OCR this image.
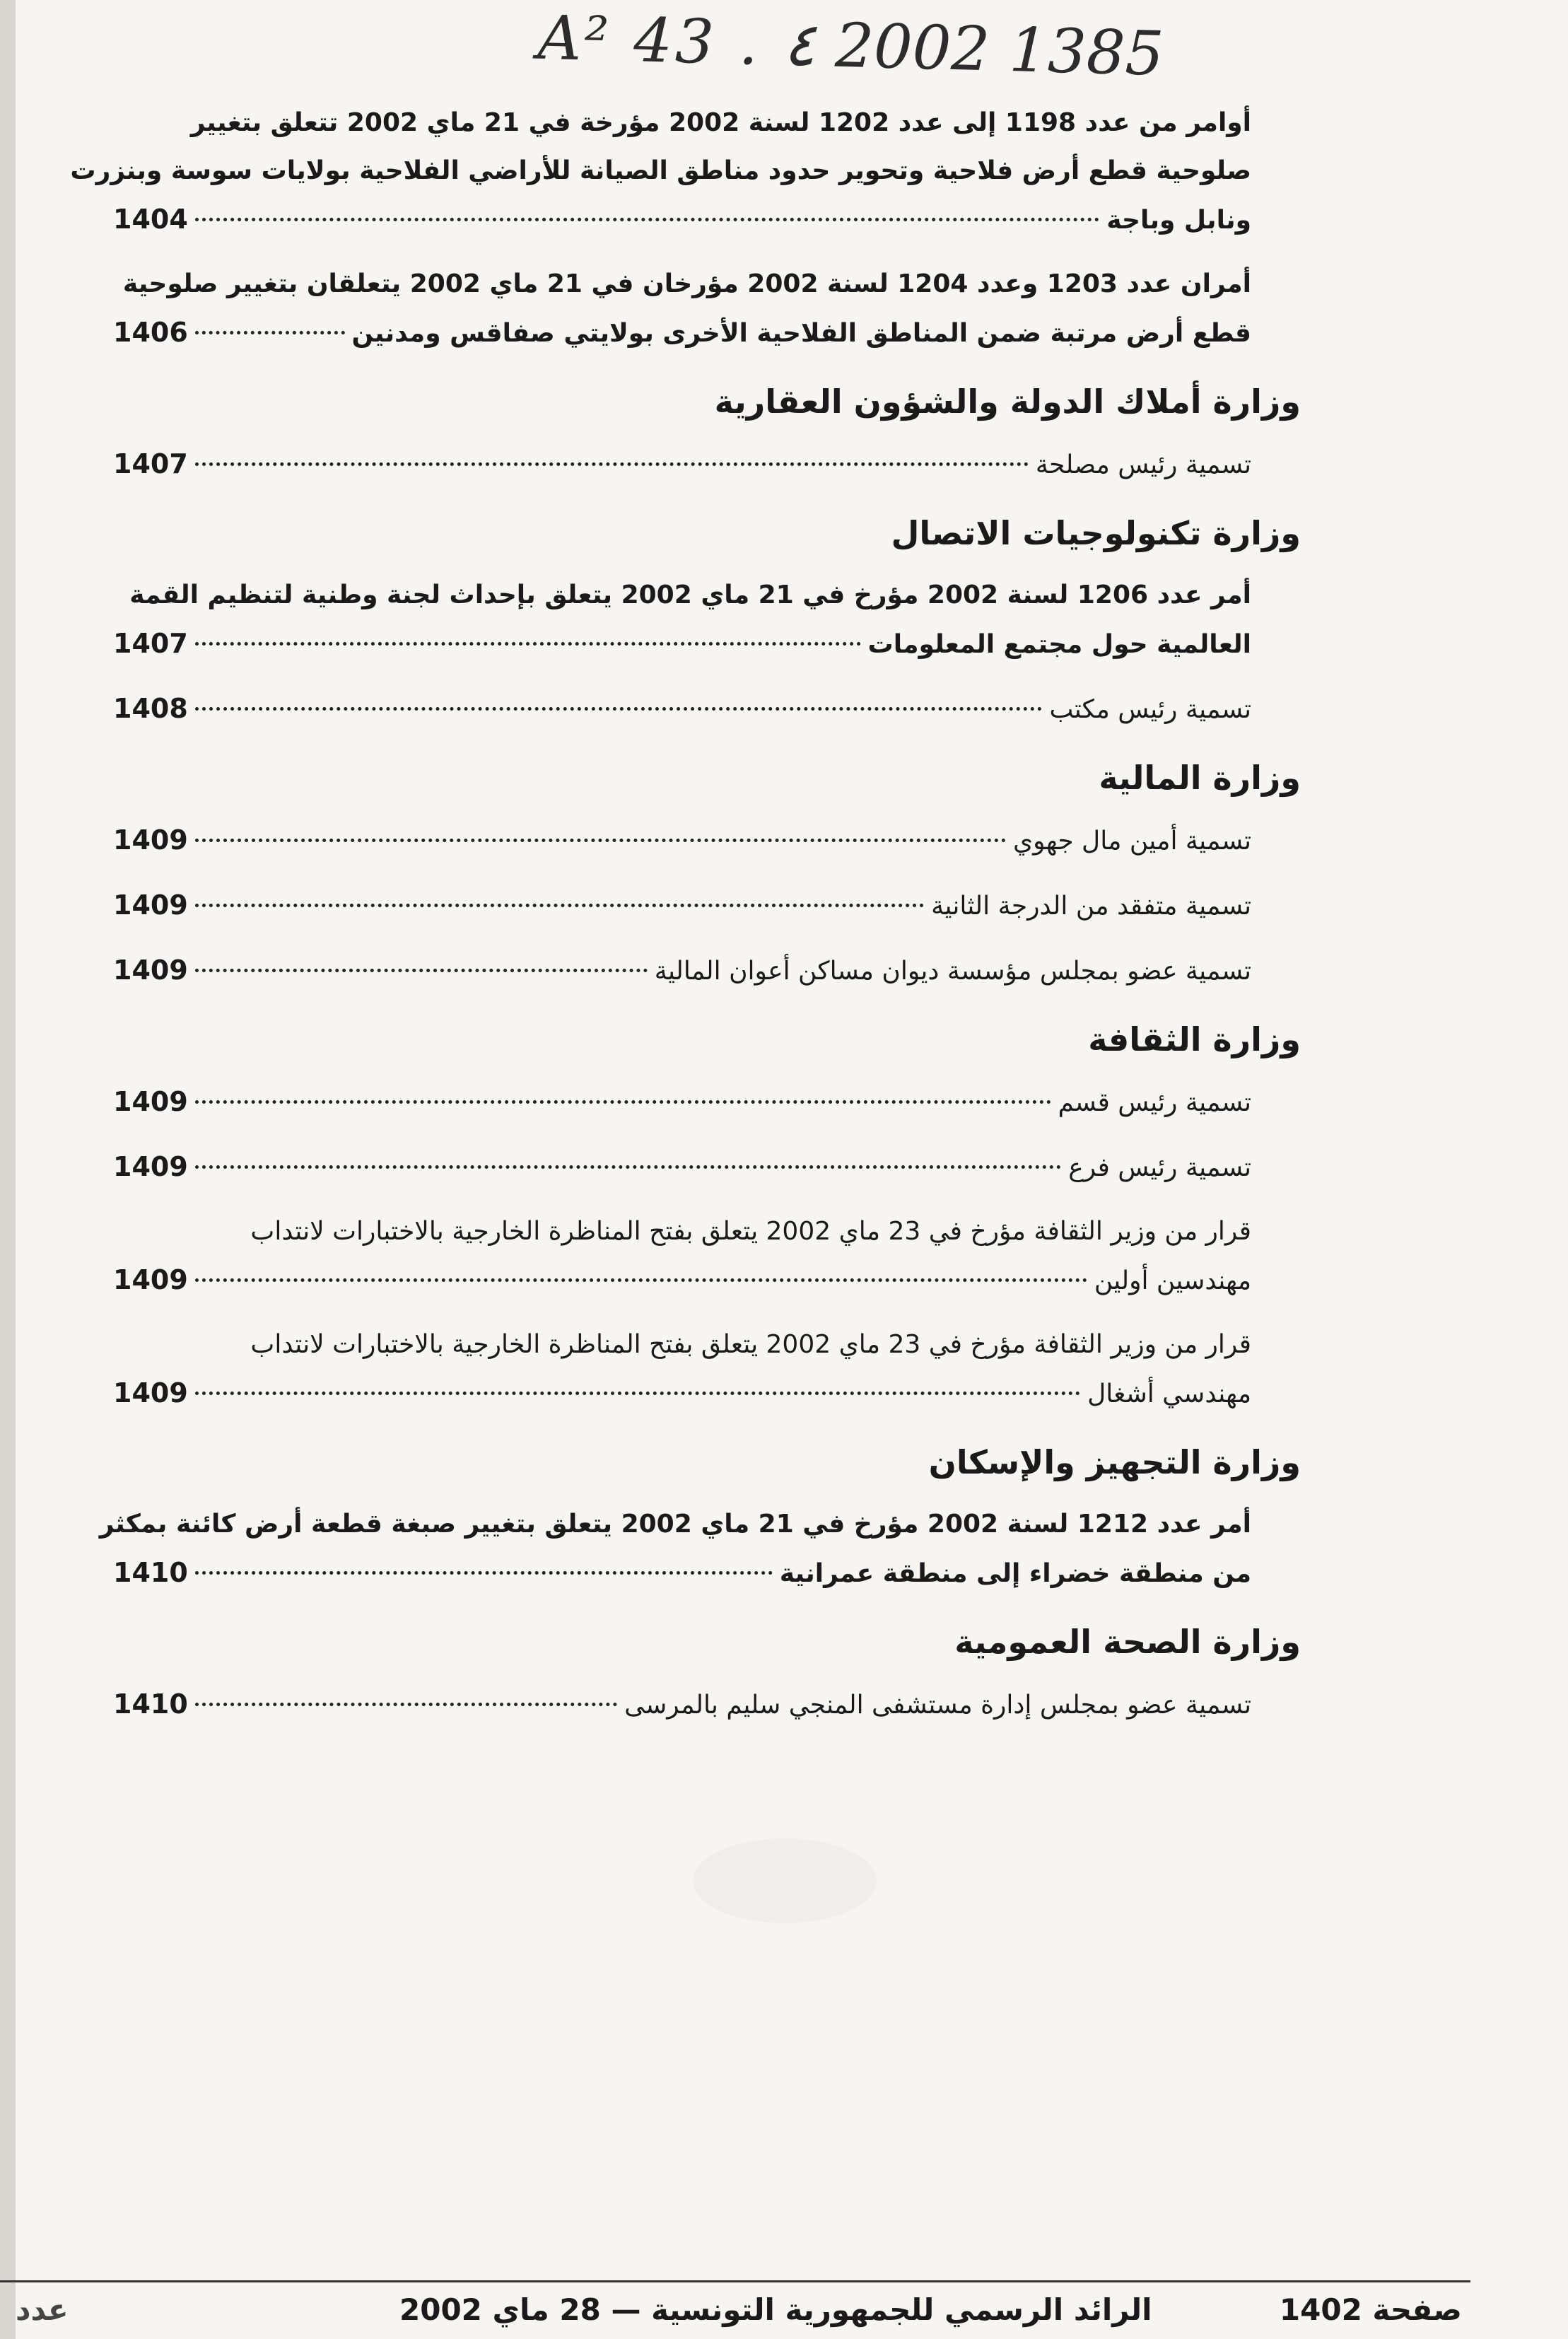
A² 43 . ٤ 2002 1385
أوامر من عدد 1198 إلى عدد 1202 لسنة 2002 مؤرخة في 21 ماي 2002 تتعلق بتغيير
صلوحية قطع أرض فلاحية وتحوير حدود مناطق الصيانة للأراضي الفلاحية بولايات سوسة وبنزرت
ونابل وباجة
1404
أمران عدد 1203 وعدد 1204 لسنة 2002 مؤرخان في 21 ماي 2002 يتعلقان بتغيير صلوحية
قطع أرض مرتبة ضمن المناطق الفلاحية الأخرى بولايتي صفاقس ومدنين
1406
وزارة أملاك الدولة والشؤون العقارية
تسمية رئيس مصلحة
1407
وزارة تكنولوجيات الاتصال
أمر عدد 1206 لسنة 2002 مؤرخ في 21 ماي 2002 يتعلق بإحداث لجنة وطنية لتنظيم القمة
العالمية حول مجتمع المعلومات
1407
تسمية رئيس مكتب
1408
وزارة المالية
تسمية أمين مال جهوي
1409
تسمية متفقد من الدرجة الثانية
1409
تسمية عضو بمجلس مؤسسة ديوان مساكن أعوان المالية
1409
وزارة الثقافة
تسمية رئيس قسم
1409
تسمية رئيس فرع
1409
قرار من وزير الثقافة مؤرخ في 23 ماي 2002 يتعلق بفتح المناظرة الخارجية بالاختبارات لانتداب
مهندسين أولين
1409
قرار من وزير الثقافة مؤرخ في 23 ماي 2002 يتعلق بفتح المناظرة الخارجية بالاختبارات لانتداب
مهندسي أشغال
1409
وزارة التجهيز والإسكان
أمر عدد 1212 لسنة 2002 مؤرخ في 21 ماي 2002 يتعلق بتغيير صبغة قطعة أرض كائنة بمكثر
من منطقة خضراء إلى منطقة عمرانية
1410
وزارة الصحة العمومية
تسمية عضو بمجلس إدارة مستشفى المنجي سليم بالمرسى
1410
صفحة 1402
الرائد الرسمي للجمهورية التونسية — 28 ماي 2002
عدد
